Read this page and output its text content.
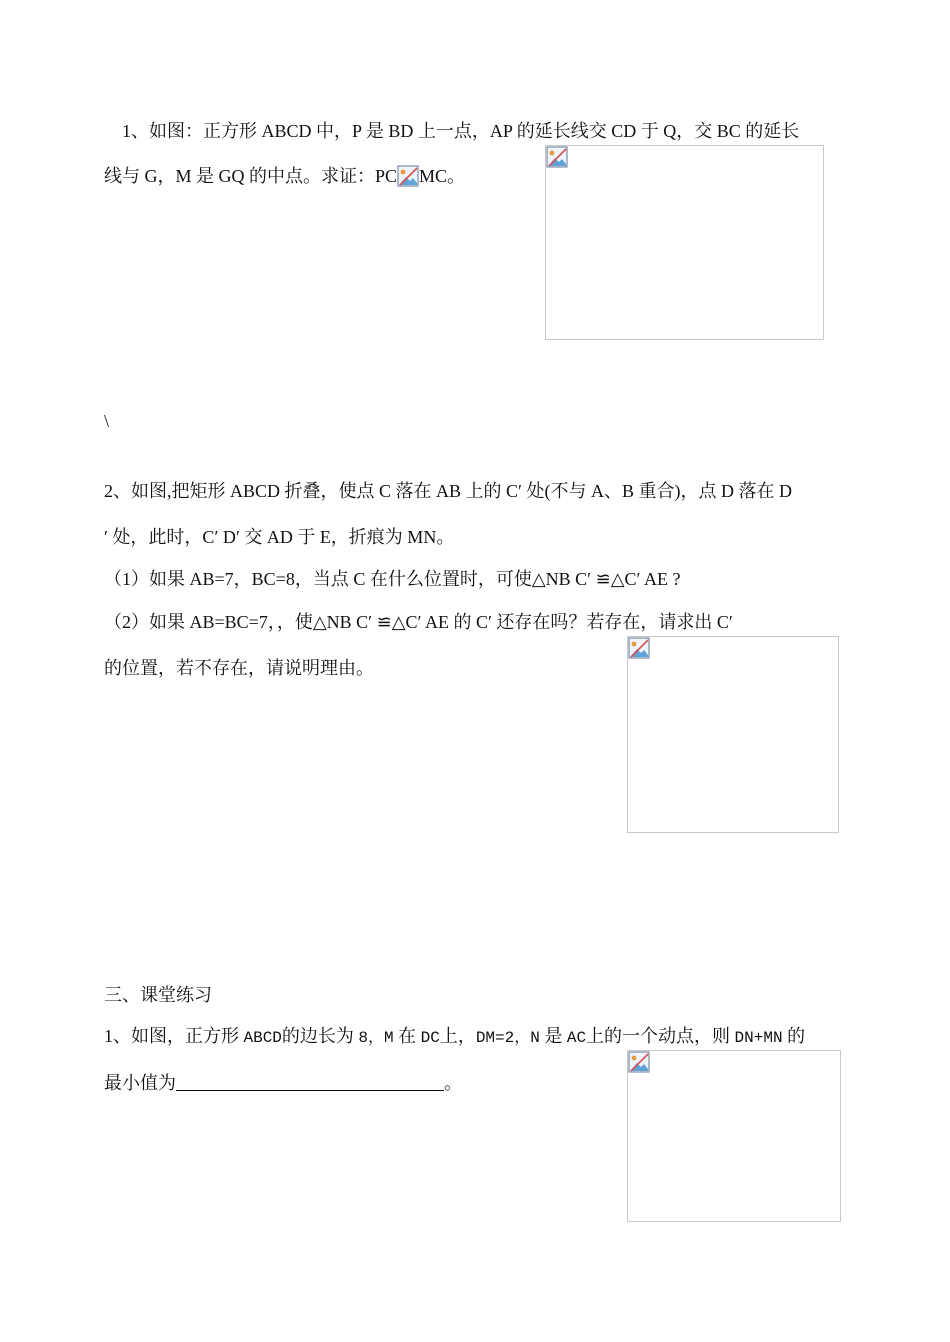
1、如图：正方形 ABCD 中，P 是 BD 上一点，AP 的延长线交 CD 于 Q，交 BC 的延长
线与 G，M 是 GQ 的中点。求证：PC MC。
\
2、如图,把矩形 ABCD 折叠，使点 C 落在 AB 上的 C′ 处(不与 A、B 重合)，点 D 落在 D
′ 处，此时，C′ D′ 交 AD 于 E，折痕为 MN。
（1）如果 AB=7，BC=8，当点 C 在什么位置时，可使△NB C′ ≌△C′ AE ?
（2）如果 AB=BC=7，，使△NB C′ ≌△C′ AE 的 C′ 还存在吗？若存在，请求出 C′
的位置，若不存在，请说明理由。
三、课堂练习
1、如图，正方形 ABCD的边长为 8，M 在 DC上，DM=2，N 是 AC上的一个动点，则 DN+MN 的
最小值为	。
